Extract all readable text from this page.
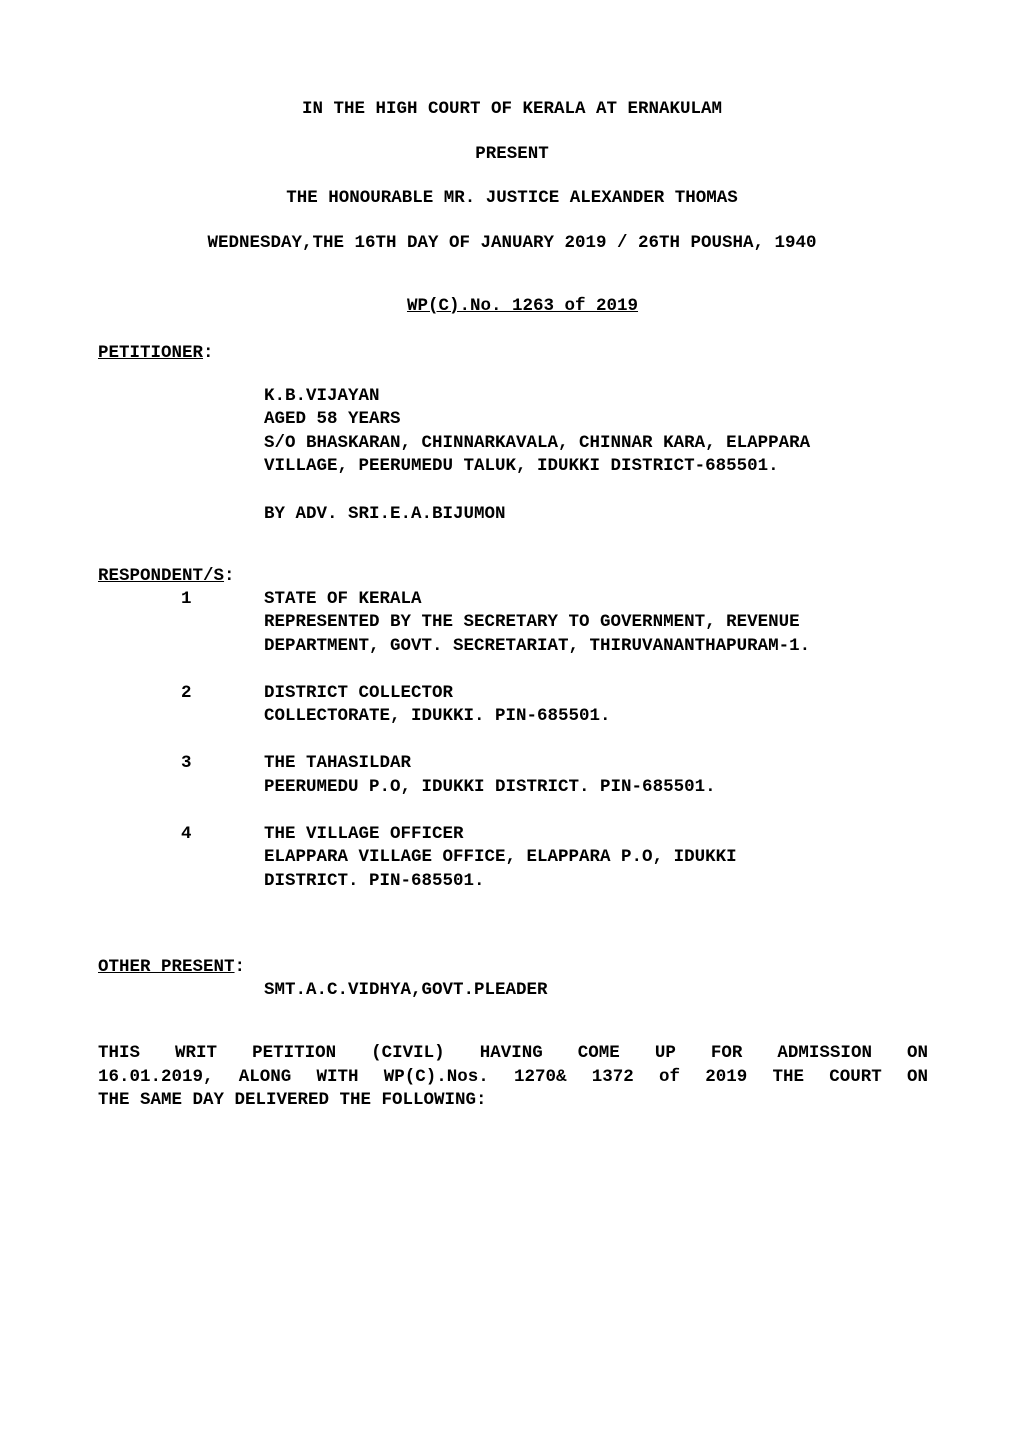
IN THE HIGH COURT OF KERALA AT ERNAKULAM
PRESENT
THE HONOURABLE MR. JUSTICE ALEXANDER THOMAS
WEDNESDAY,THE 16TH DAY OF JANUARY 2019 / 26TH POUSHA, 1940

WP(C).No. 1263 of 2019

PETITIONER:
K.B.VIJAYAN
AGED 58 YEARS
S/O BHASKARAN, CHINNARKAVALA, CHINNAR KARA, ELAPPARA
VILLAGE, PEERUMEDU TALUK, IDUKKI DISTRICT-685501.
BY ADV. SRI.E.A.BIJUMON
RESPONDENT/S:
1	STATE OF KERALA
REPRESENTED BY THE SECRETARY TO GOVERNMENT, REVENUE
DEPARTMENT, GOVT. SECRETARIAT, THIRUVANANTHAPURAM-1.
2	DISTRICT COLLECTOR
COLLECTORATE, IDUKKI. PIN-685501.
3	THE TAHASILDAR
PEERUMEDU P.O, IDUKKI DISTRICT. PIN-685501.
4	THE VILLAGE OFFICER
ELAPPARA VILLAGE OFFICE, ELAPPARA P.O, IDUKKI
DISTRICT. PIN-685501.
OTHER PRESENT:
SMT.A.C.VIDHYA,GOVT.PLEADER
THIS WRIT PETITION (CIVIL) HAVING COME UP FOR ADMISSION ON
16.01.2019, ALONG WITH WP(C).Nos. 1270& 1372 of 2019 THE COURT ON
THE SAME DAY DELIVERED THE FOLLOWING:
